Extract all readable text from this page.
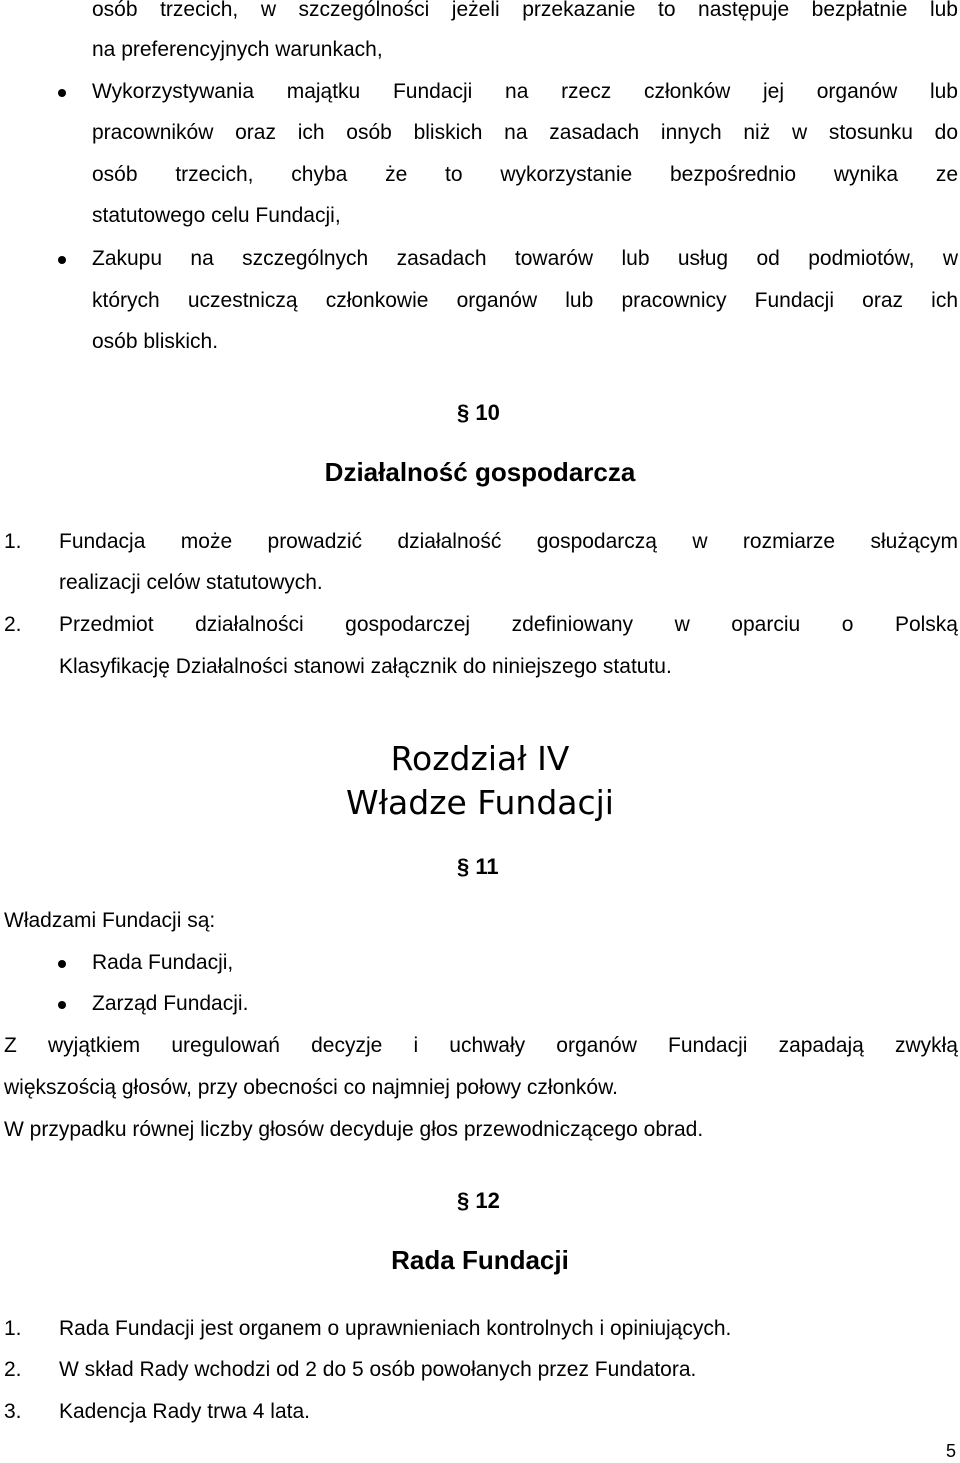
osób trzecich, w szczególności jeżeli przekazanie to następuje bezpłatnie lub
na preferencyjnych warunkach,
Wykorzystywania majątku Fundacji na rzecz członków jej organów lub
pracowników oraz ich osób bliskich na zasadach innych niż w stosunku do
osób trzecich, chyba że to wykorzystanie bezpośrednio wynika ze
statutowego celu Fundacji,
Zakupu na szczególnych zasadach towarów lub usług od podmiotów, w
których uczestniczą członkowie organów lub pracownicy Fundacji oraz ich
osób bliskich.
§ 10
Działalność gospodarcza
1. Fundacja może prowadzić działalność gospodarczą w rozmiarze służącym
realizacji celów statutowych.
2. Przedmiot działalności gospodarczej zdefiniowany w oparciu o Polską
Klasyfikację Działalności stanowi załącznik do niniejszego statutu.
Rozdział IV
Władze Fundacji
§ 11
Władzami Fundacji są:
Rada Fundacji,
Zarząd Fundacji.
Z wyjątkiem uregulowań decyzje i uchwały organów Fundacji zapadają zwykłą
większością głosów, przy obecności co najmniej połowy członków.
W przypadku równej liczby głosów decyduje głos przewodniczącego obrad.
§ 12
Rada Fundacji
1. Rada Fundacji jest organem o uprawnieniach kontrolnych i opiniujących.
2. W skład Rady wchodzi od 2 do 5 osób powołanych przez Fundatora.
3. Kadencja Rady trwa 4 lata.
5
